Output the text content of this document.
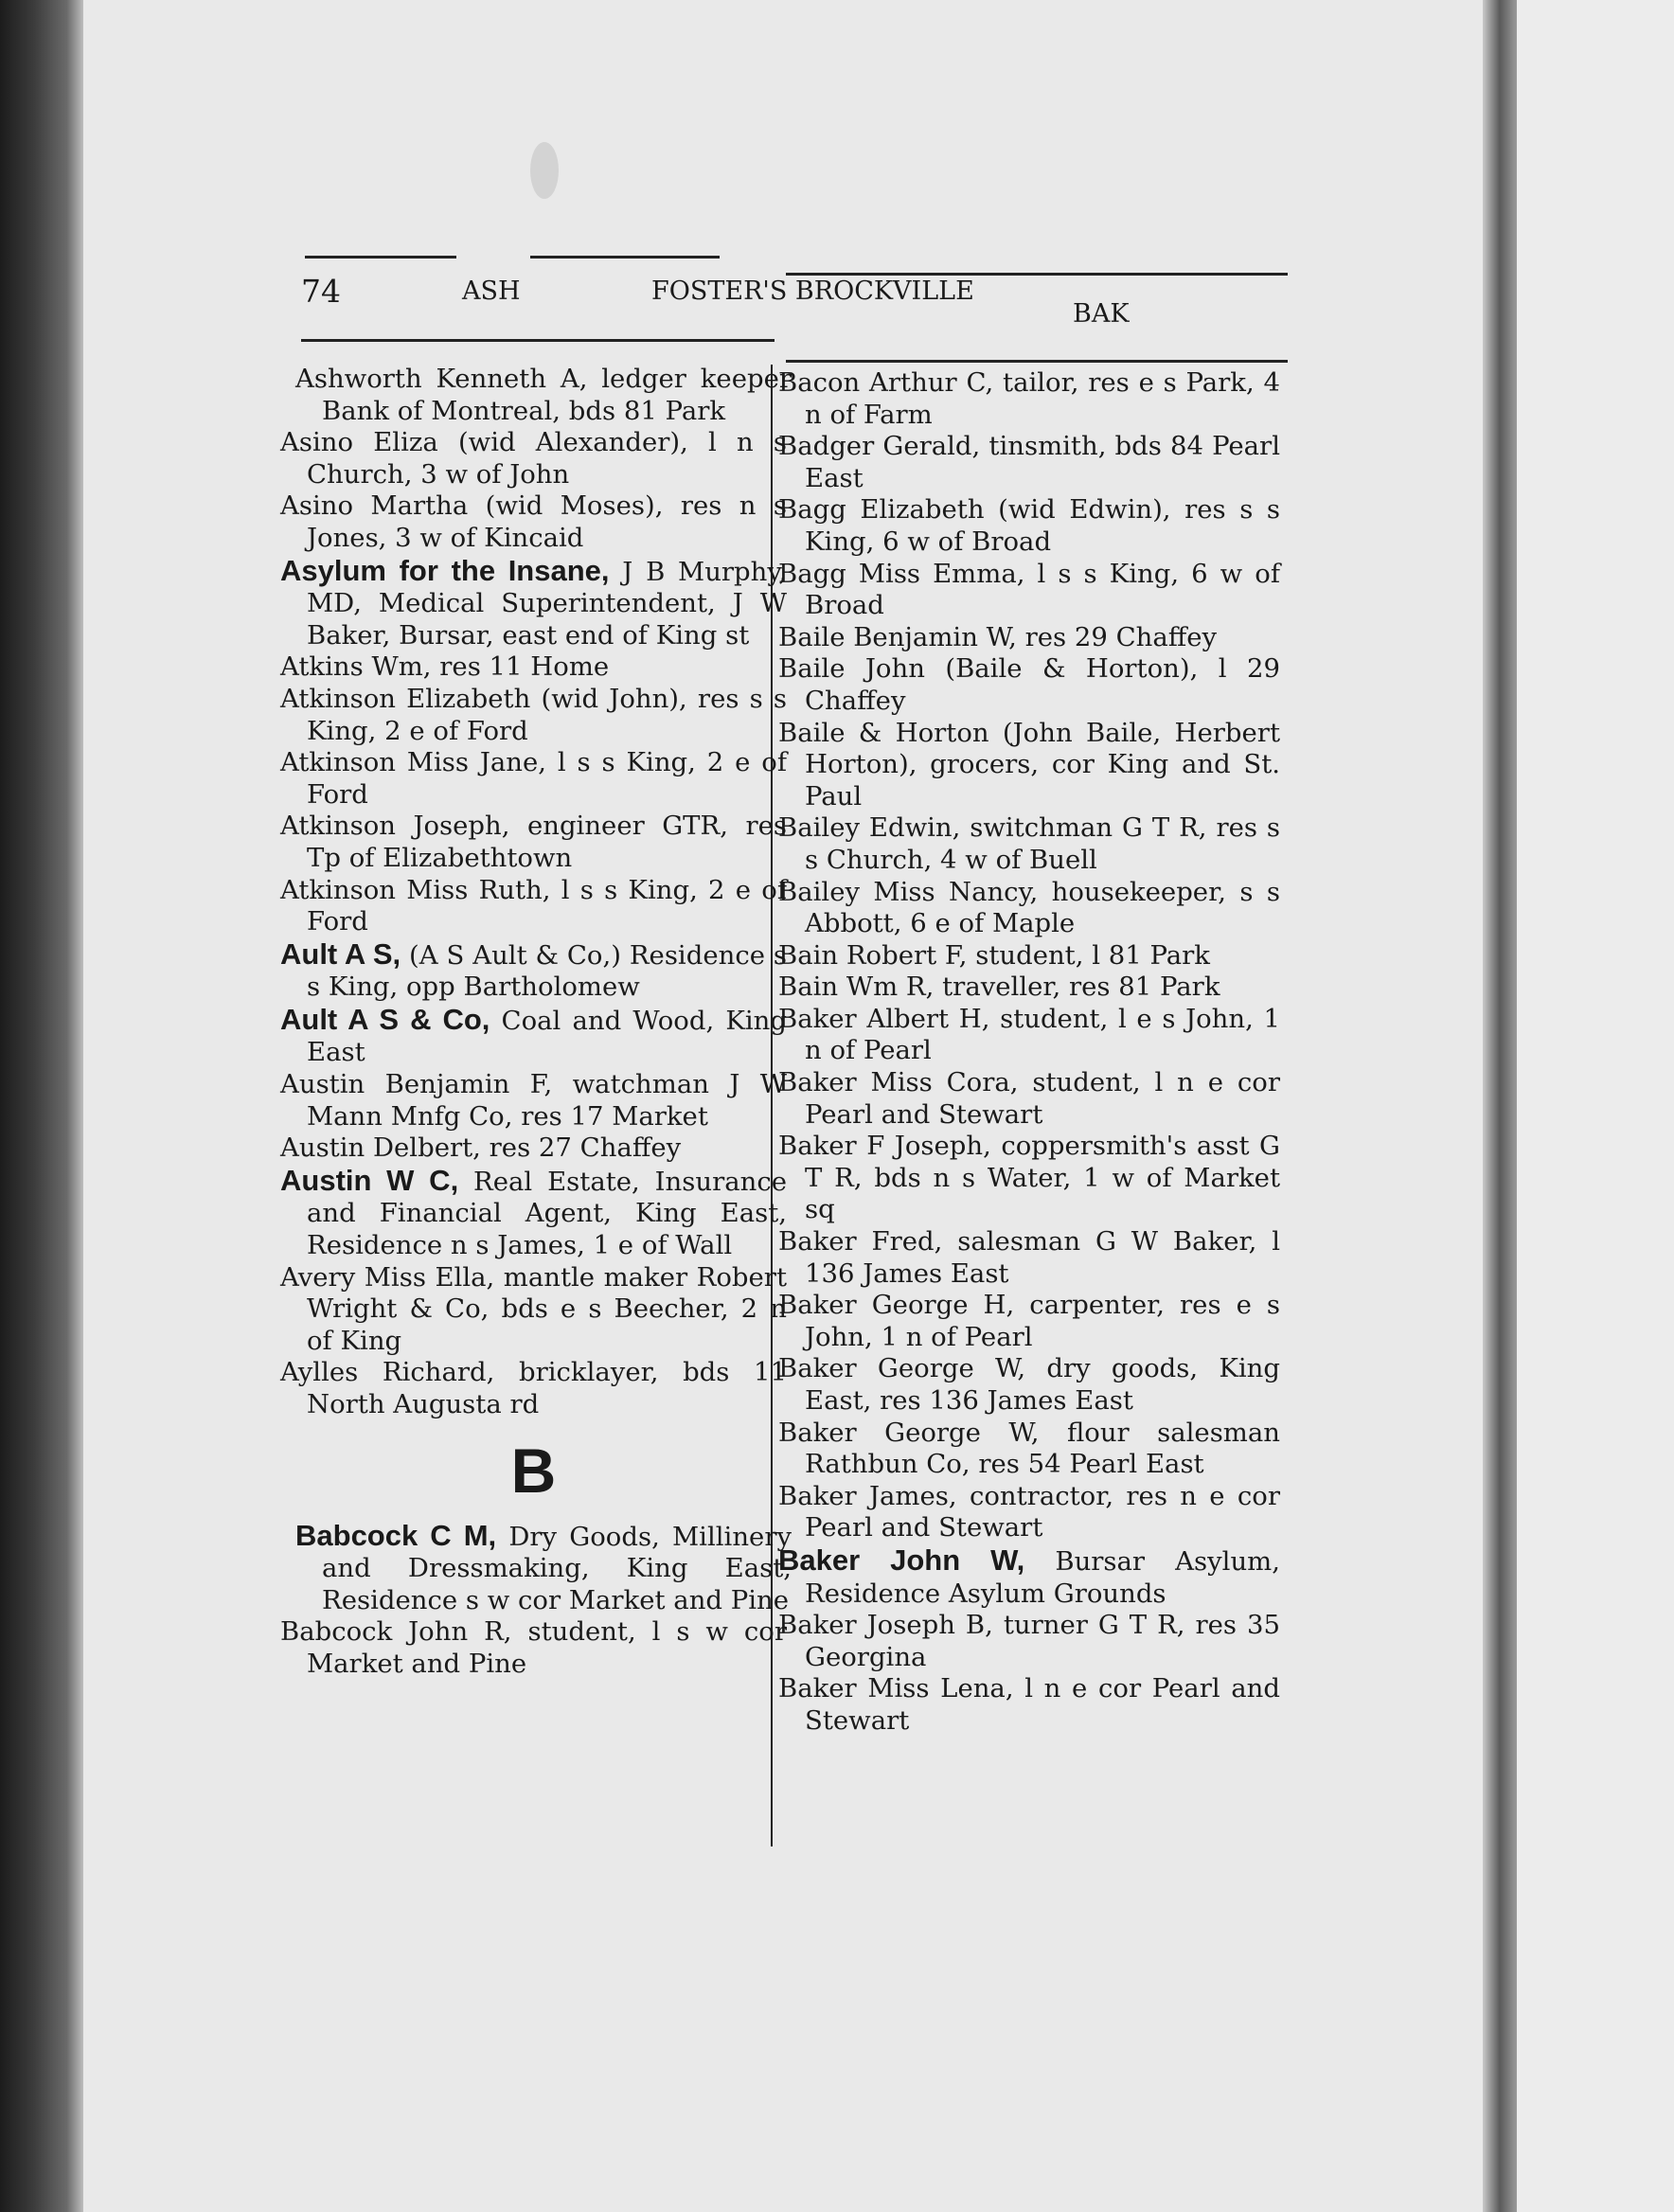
74	ASH	FOSTER'S BROCKVILLE
BAK

Ashworth Kenneth A, ledger keeper Bank of Montreal, bds 81 Park

Asino Eliza (wid Alexander), l n s Church, 3 w of John

Asino Martha (wid Moses), res n s Jones, 3 w of Kincaid

Asylum for the Insane, J B Murphy, MD, Medical Superintendent, J W Baker, Bursar, east end of King st

Atkins Wm, res 11 Home

Atkinson Elizabeth (wid John), res s s King, 2 e of Ford

Atkinson Miss Jane, l s s King, 2 e of Ford

Atkinson Joseph, engineer GTR, res Tp of Elizabethtown

Atkinson Miss Ruth, l s s King, 2 e of Ford

Ault A S, (A S Ault & Co,) Residence s s King, opp Bartholomew

Ault A S & Co, Coal and Wood, King East

Austin Benjamin F, watchman J W Mann Mnfg Co, res 17 Market

Austin Delbert, res 27 Chaffey

Austin W C, Real Estate, Insurance and Financial Agent, King East, Residence n s James, 1 e of Wall

Avery Miss Ella, mantle maker Robert Wright & Co, bds e s Beecher, 2 n of King

Aylles Richard, bricklayer, bds 11 North Augusta rd

B

Babcock C M, Dry Goods, Millinery and Dressmaking, King East, Residence s w cor Market and Pine

Babcock John R, student, l s w cor Market and Pine

Bacon Arthur C, tailor, res e s Park, 4 n of Farm

Badger Gerald, tinsmith, bds 84 Pearl East

Bagg Elizabeth (wid Edwin), res s s King, 6 w of Broad

Bagg Miss Emma, l s s King, 6 w of Broad

Baile Benjamin W, res 29 Chaffey

Baile John (Baile & Horton), l 29 Chaffey

Baile & Horton (John Baile, Herbert Horton), grocers, cor King and St. Paul

Bailey Edwin, switchman G T R, res s s Church, 4 w of Buell

Bailey Miss Nancy, housekeeper, s s Abbott, 6 e of Maple

Bain Robert F, student, l 81 Park

Bain Wm R, traveller, res 81 Park

Baker Albert H, student, l e s John, 1 n of Pearl

Baker Miss Cora, student, l n e cor Pearl and Stewart

Baker F Joseph, coppersmith's asst G T R, bds n s Water, 1 w of Market sq

Baker Fred, salesman G W Baker, l 136 James East

Baker George H, carpenter, res e s John, 1 n of Pearl

Baker George W, dry goods, King East, res 136 James East

Baker George W, flour salesman Rathbun Co, res 54 Pearl East

Baker James, contractor, res n e cor Pearl and Stewart

Baker John W, Bursar Asylum, Residence Asylum Grounds

Baker Joseph B, turner G T R, res 35 Georgina

Baker Miss Lena, l n e cor Pearl and Stewart
